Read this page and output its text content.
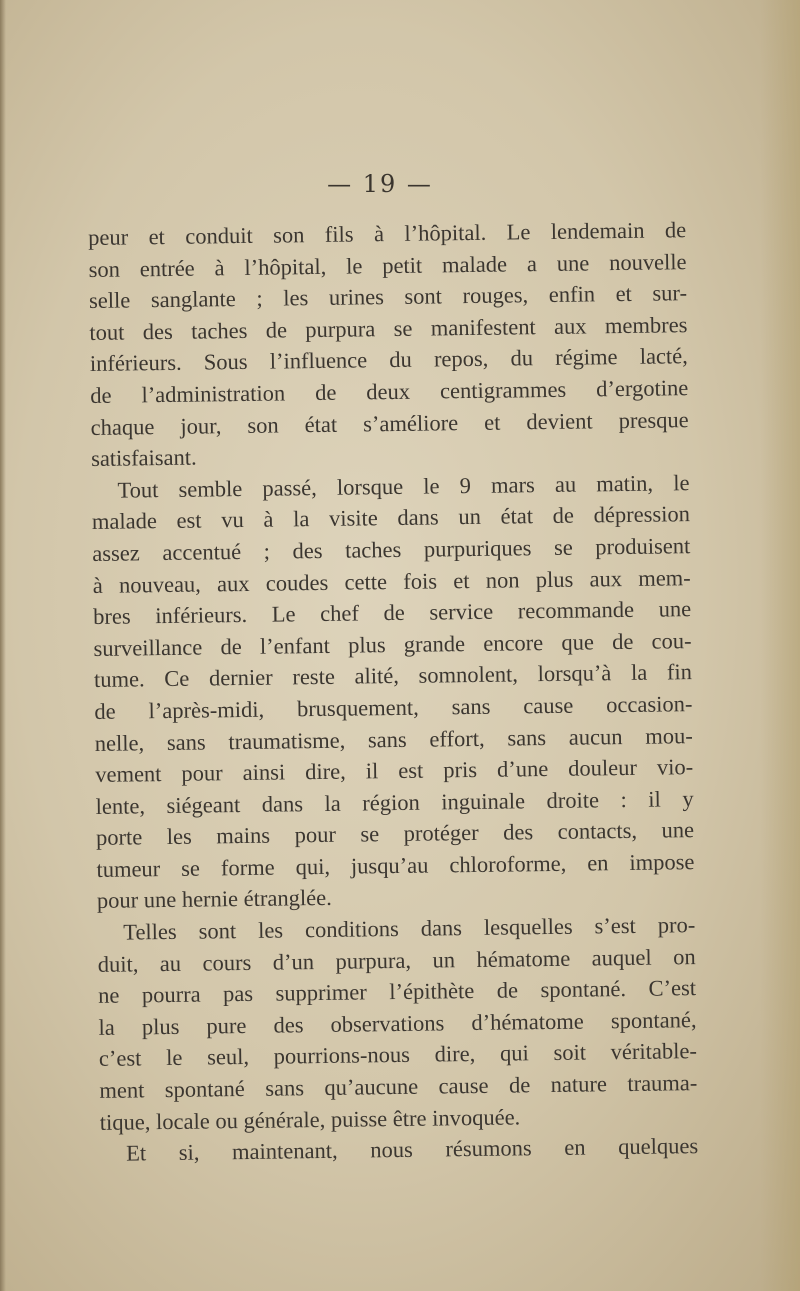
— 19 —
peur et conduit son fils à l’hôpital. Le lendemain de
son entrée à l’hôpital, le petit malade a une nouvelle
selle sanglante ; les urines sont rouges, enfin et sur-
tout des taches de purpura se manifestent aux membres
inférieurs. Sous l’influence du repos, du régime lacté,
de l’administration de deux centigrammes d’ergotine
chaque jour, son état s’améliore et devient presque
satisfaisant.
Tout semble passé, lorsque le 9 mars au matin, le
malade est vu à la visite dans un état de dépression
assez accentué ; des taches purpuriques se produisent
à nouveau, aux coudes cette fois et non plus aux mem-
bres inférieurs. Le chef de service recommande une
surveillance de l’enfant plus grande encore que de cou-
tume. Ce dernier reste alité, somnolent, lorsqu’à la fin
de l’après-midi, brusquement, sans cause occasion-
nelle, sans traumatisme, sans effort, sans aucun mou-
vement pour ainsi dire, il est pris d’une douleur vio-
lente, siégeant dans la région inguinale droite : il y
porte les mains pour se protéger des contacts, une
tumeur se forme qui, jusqu’au chloroforme, en impose
pour une hernie étranglée.
Telles sont les conditions dans lesquelles s’est pro-
duit, au cours d’un purpura, un hématome auquel on
ne pourra pas supprimer l’épithète de spontané. C’est
la plus pure des observations d’hématome spontané,
c’est le seul, pourrions-nous dire, qui soit véritable-
ment spontané sans qu’aucune cause de nature trauma-
tique, locale ou générale, puisse être invoquée.
Et si, maintenant, nous résumons en quelques
